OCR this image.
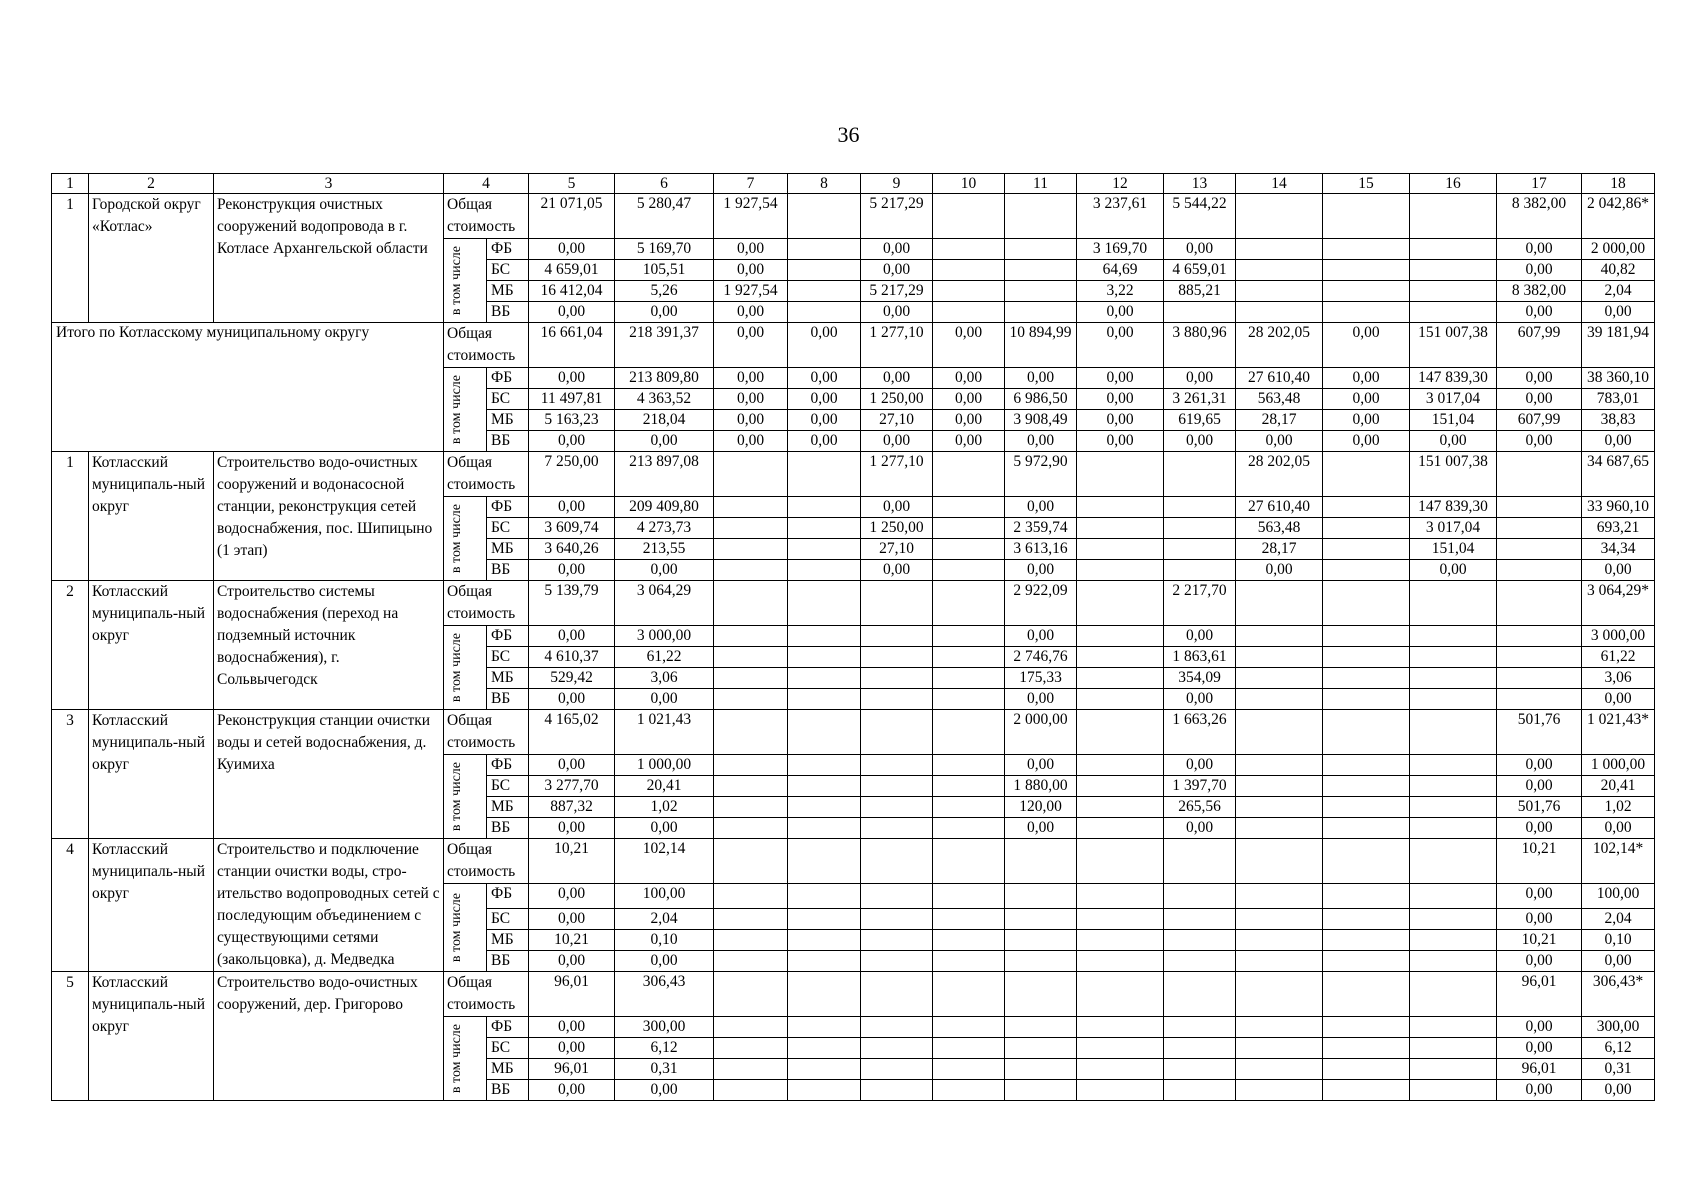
36
1	2	3	4		5	6	7	8	9	10	11	12	13	14	15	16	17	18
1	Городской округ «Котлас»	Реконструкция очистных сооружений водопровода в г. Котласе Архангельской области	Общая стоимость		21 071,05	5 280,47	1 927,54		5 217,29			3 237,61	5 544,22				8 382,00	2 042,86*

			в том числе	ФБ	0,00	5 169,70	0,00		0,00			3 169,70	0,00				0,00	2 000,00
				БС	4 659,01	105,51	0,00		0,00			64,69	4 659,01				0,00	40,82
				МБ	16 412,04	5,26	1 927,54		5 217,29			3,22	885,21				8 382,00	2,04
				ВБ	0,00	0,00	0,00		0,00			0,00					0,00	0,00
Итого по Котласскому муниципальному округу			Общая стоимость		16 661,04	218 391,37	0,00	0,00	1 277,10	0,00	10 894,99	0,00	3 880,96	28 202,05	0,00	151 007,38	607,99	39 181,94

			в том числе	ФБ	0,00	213 809,80	0,00	0,00	0,00	0,00	0,00	0,00	0,00	27 610,40	0,00	147 839,30	0,00	38 360,10
				БС	11 497,81	4 363,52	0,00	0,00	1 250,00	0,00	6 986,50	0,00	3 261,31	563,48	0,00	3 017,04	0,00	783,01
				МБ	5 163,23	218,04	0,00	0,00	27,10	0,00	3 908,49	0,00	619,65	28,17	0,00	151,04	607,99	38,83
				ВБ	0,00	0,00	0,00	0,00	0,00	0,00	0,00	0,00	0,00	0,00	0,00	0,00	0,00	0,00
1	Котласский муниципаль-ный округ	Строительство водо-очистных сооружений и водонасосной станции, реконструкция сетей водоснабжения, пос. Шипицыно (1 этап)	Общая стоимость		7 250,00	213 897,08			1 277,10		5 972,90			28 202,05		151 007,38		34 687,65

			в том числе	ФБ	0,00	209 409,80			0,00		0,00			27 610,40		147 839,30		33 960,10
				БС	3 609,74	4 273,73			1 250,00		2 359,74			563,48		3 017,04		693,21
				МБ	3 640,26	213,55			27,10		3 613,16			28,17		151,04		34,34
				ВБ	0,00	0,00			0,00		0,00			0,00		0,00		0,00
2	Котласский муниципаль-ный округ	Строительство системы водоснабжения (переход на подземный источник водоснабжения), г. Сольвычегодск	Общая стоимость		5 139,79	3 064,29					2 922,09		2 217,70					3 064,29*

			в том числе	ФБ	0,00	3 000,00					0,00		0,00					3 000,00
				БС	4 610,37	61,22					2 746,76		1 863,61					61,22
				МБ	529,42	3,06					175,33		354,09					3,06
				ВБ	0,00	0,00					0,00		0,00					0,00
3	Котласский муниципаль-ный округ	Реконструкция станции очистки воды и сетей водоснабжения, д. Куимиха	Общая стоимость		4 165,02	1 021,43					2 000,00		1 663,26				501,76	1 021,43*

			в том числе	ФБ	0,00	1 000,00					0,00		0,00				0,00	1 000,00
				БС	3 277,70	20,41					1 880,00		1 397,70				0,00	20,41
				МБ	887,32	1,02					120,00		265,56				501,76	1,02
				ВБ	0,00	0,00					0,00		0,00				0,00	0,00
4	Котласский муниципаль-ный округ	Строительство и подключение станции очистки воды, стро-ительство водопроводных сетей с последующим объединением с существующими сетями (закольцовка), д. Медведка	Общая стоимость		10,21	102,14											10,21	102,14*

			в том числе	ФБ	0,00	100,00											0,00	100,00
				БС	0,00	2,04											0,00	2,04
				МБ	10,21	0,10											10,21	0,10
				ВБ	0,00	0,00											0,00	0,00
5	Котласский муниципаль-ный округ	Строительство водо-очистных сооружений, дер. Григорово	Общая стоимость		96,01	306,43											96,01	306,43*

			в том числе	ФБ	0,00	300,00											0,00	300,00
				БС	0,00	6,12											0,00	6,12
				МБ	96,01	0,31											96,01	0,31
				ВБ	0,00	0,00											0,00	0,00
